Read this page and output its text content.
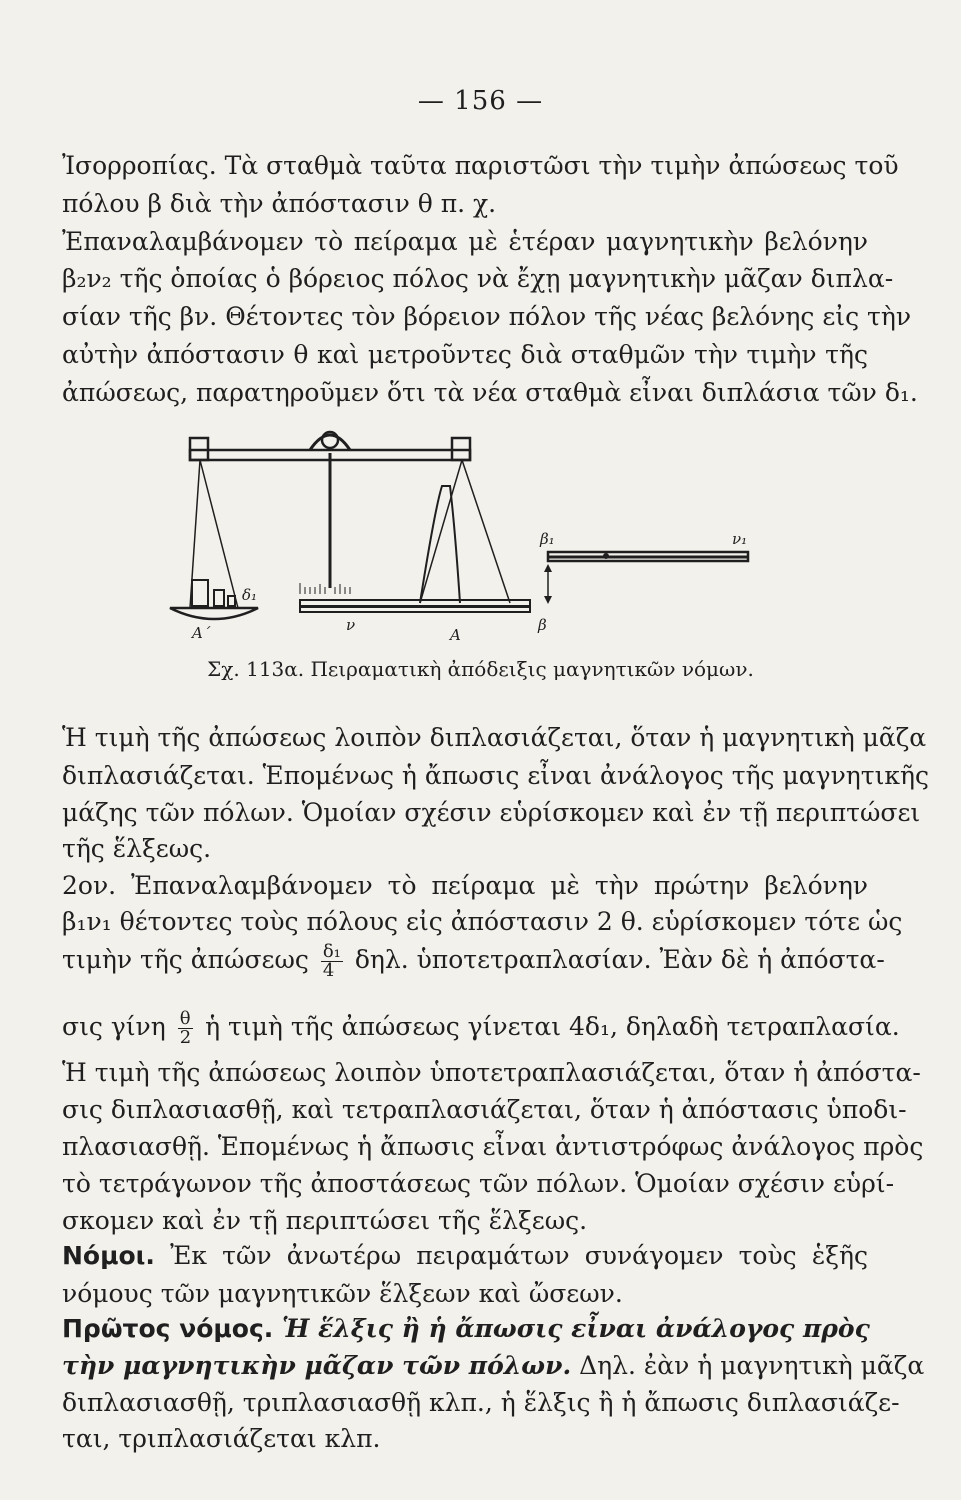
— 156 —
Ἰσορροπίας. Τὰ σταθμὰ ταῦτα παριστῶσι τὴν τιμὴν ἀπώσεως τοῦ
πόλου β διὰ τὴν ἀπόστασιν θ π. χ.
Ἐπαναλαμβάνομεν τὸ πείραμα μὲ ἑτέραν μαγνητικὴν βελόνην
β₂ν₂ τῆς ὁποίας ὁ βόρειος πόλος νὰ ἔχῃ μαγνητικὴν μᾶζαν διπλα-
σίαν τῆς βν. Θέτοντες τὸν βόρειον πόλον τῆς νέας βελόνης εἰς τὴν
αὐτὴν ἀπόστασιν θ καὶ μετροῦντες διὰ σταθμῶν τὴν τιμὴν τῆς
ἀπώσεως, παρατηροῦμεν ὅτι τὰ νέα σταθμὰ εἶναι διπλάσια τῶν δ₁.
Α΄
δ₁
ν
Α
β
β₁	ν₁
Σχ. 113α. Πειραματικὴ ἀπόδειξις μαγνητικῶν νόμων.
Ἡ τιμὴ τῆς ἀπώσεως λοιπὸν διπλασιάζεται, ὅταν ἡ μαγνητικὴ μᾶζα
διπλασιάζεται. Ἑπομένως ἡ ἄπωσις εἶναι ἀνάλογος τῆς μαγνητικῆς
μάζης τῶν πόλων. Ὁμοίαν σχέσιν εὑρίσκομεν καὶ ἐν τῇ περιπτώσει
τῆς ἕλξεως.
2ον. Ἐπαναλαμβάνομεν τὸ πείραμα μὲ τὴν πρώτην βελόνην
β₁ν₁ θέτοντες τοὺς πόλους εἰς ἀπόστασιν 2 θ. εὑρίσκομεν τότε ὡς
τιμὴν τῆς ἀπώσεως $\frac{\text{δ₁}}{4} \delta\eta\lambda$. ὑποτετραπλασίαν. Ἐὰν δὲ ἡ ἀπόστα-
σις γίνη $\frac{\theta}{2}$ ἡ τιμὴ τῆς ἀπώσεως γίνεται 4δ₁, δηλαδὴ τετραπλασία.
Ἡ τιμὴ τῆς ἀπώσεως λοιπὸν ὑποτετραπλασιάζεται, ὅταν ἡ ἀπόστα-
σις διπλασιασθῇ, καὶ τετραπλασιάζεται, ὅταν ἡ ἀπόστασις ὑποδι-
πλασιασθῇ. Ἑπομένως ἡ ἄπωσις εἶναι ἀντιστρόφως ἀνάλογος πρὸς
τὸ τετράγωνον τῆς ἀποστάσεως τῶν πόλων. Ὁμοίαν σχέσιν εὑρί-
σκομεν καὶ ἐν τῇ περιπτώσει τῆς ἕλξεως.
Νόμοι. Ἐκ τῶν ἀνωτέρω πειραμάτων συνάγομεν τοὺς ἑξῆς
νόμους τῶν μαγνητικῶν ἕλξεων καὶ ὤσεων.
Πρῶτος νόμος. Ἡ ἕλξις ἢ ἡ ἄπωσις εἶναι ἀνάλογος πρὸς
τὴν μαγνητικὴν μᾶζαν τῶν πόλων. Δηλ. ἐὰν ἡ μαγνητικὴ μᾶζα
διπλασιασθῇ, τριπλασιασθῇ κλπ., ἡ ἕλξις ἢ ἡ ἄπωσις διπλασιάζε-
ται, τριπλασιάζεται κλπ.
